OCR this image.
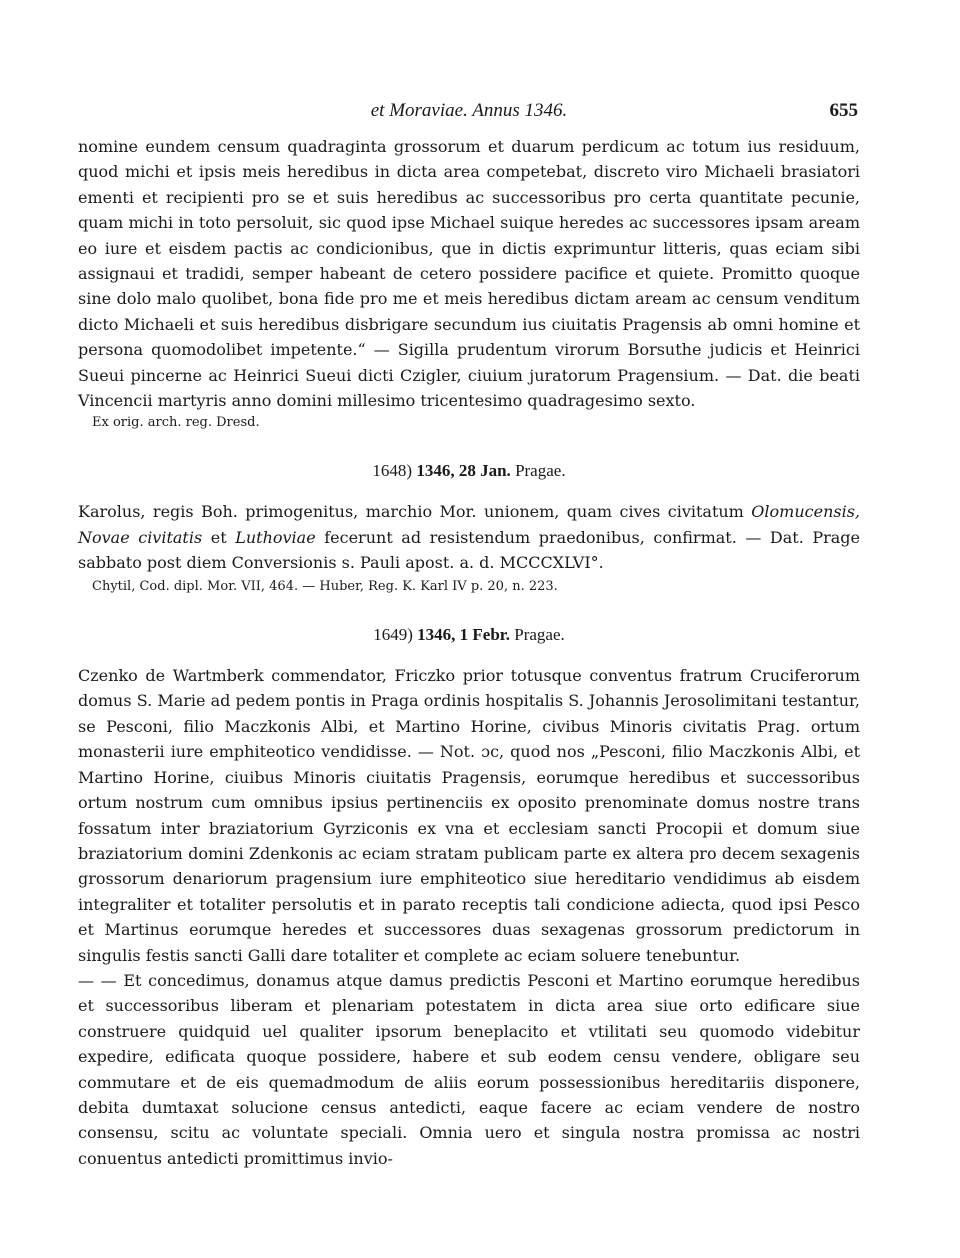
et Moraviae. Annus 1346.	655

nomine eundem censum quadraginta grossorum et duarum perdicum ac totum ius residuum, quod michi et ipsis meis heredibus in dicta area competebat, discreto viro Michaeli brasiatori ementi et recipienti pro se et suis heredibus ac successoribus pro certa quantitate pecunie, quam michi in toto persoluit, sic quod ipse Michael suique heredes ac successores ipsam aream eo iure et eisdem pactis ac condicionibus, que in dictis exprimuntur litteris, quas eciam sibi assignaui et tradidi, semper habeant de cetero possidere pacifice et quiete. Promitto quoque sine dolo malo quolibet, bona fide pro me et meis heredibus dictam aream ac censum venditum dicto Michaeli et suis heredibus disbrigare secundum ius ciuitatis Pragensis ab omni homine et persona quomodolibet impetente.“ — Sigilla prudentum virorum Borsuthe judicis et Heinrici Sueui pincerne ac Heinrici Sueui dicti Czigler, ciuium juratorum Pragensium. — Dat. die beati Vincencii martyris anno domini millesimo tricentesimo quadragesimo sexto.

Ex orig. arch. reg. Dresd.

1648) 1346, 28 Jan. Pragae.

Karolus, regis Boh. primogenitus, marchio Mor. unionem, quam cives civitatum Olomucensis, Novae civitatis et Luthoviae fecerunt ad resistendum praedonibus, confirmat. — Dat. Prage sabbato post diem Conversionis s. Pauli apost. a. d. MCCCXLVI°.

Chytil, Cod. dipl. Mor. VII, 464. — Huber, Reg. K. Karl IV p. 20, n. 223.

1649) 1346, 1 Febr. Pragae.

Czenko de Wartmberk commendator, Friczko prior totusque conventus fratrum Cruciferorum domus S. Marie ad pedem pontis in Praga ordinis hospitalis S. Johannis Jerosolimitani testantur, se Pesconi, filio Maczkonis Albi, et Martino Horine, civibus Minoris civitatis Prag. ortum monasterii iure emphiteotico vendidisse. — Not. ɔc, quod nos „Pesconi, filio Maczkonis Albi, et Martino Horine, ciuibus Minoris ciuitatis Pragensis, eorumque heredibus et successoribus ortum nostrum cum omnibus ipsius pertinenciis ex oposito prenominate domus nostre trans fossatum inter braziatorium Gyrziconis ex vna et ecclesiam sancti Procopii et domum siue braziatorium domini Zdenkonis ac eciam stratam publicam parte ex altera pro decem sexagenis grossorum denariorum pragensium iure emphiteotico siue hereditario vendidimus ab eisdem integraliter et totaliter persolutis et in parato receptis tali condicione adiecta, quod ipsi Pesco et Martinus eorumque heredes et successores duas sexagenas grossorum predictorum in singulis festis sancti Galli dare totaliter et complete ac eciam soluere tenebuntur.

— — Et concedimus, donamus atque damus predictis Pesconi et Martino eorumque heredibus et successoribus liberam et plenariam potestatem in dicta area siue orto edificare siue construere quidquid uel qualiter ipsorum beneplacito et vtilitati seu quomodo videbitur expedire, edificata quoque possidere, habere et sub eodem censu vendere, obligare seu commutare et de eis quemadmodum de aliis eorum possessionibus hereditariis disponere, debita dumtaxat solucione census antedicti, eaque facere ac eciam vendere de nostro consensu, scitu ac voluntate speciali. Omnia uero et singula nostra promissa ac nostri conuentus antedicti promittimus invio-
